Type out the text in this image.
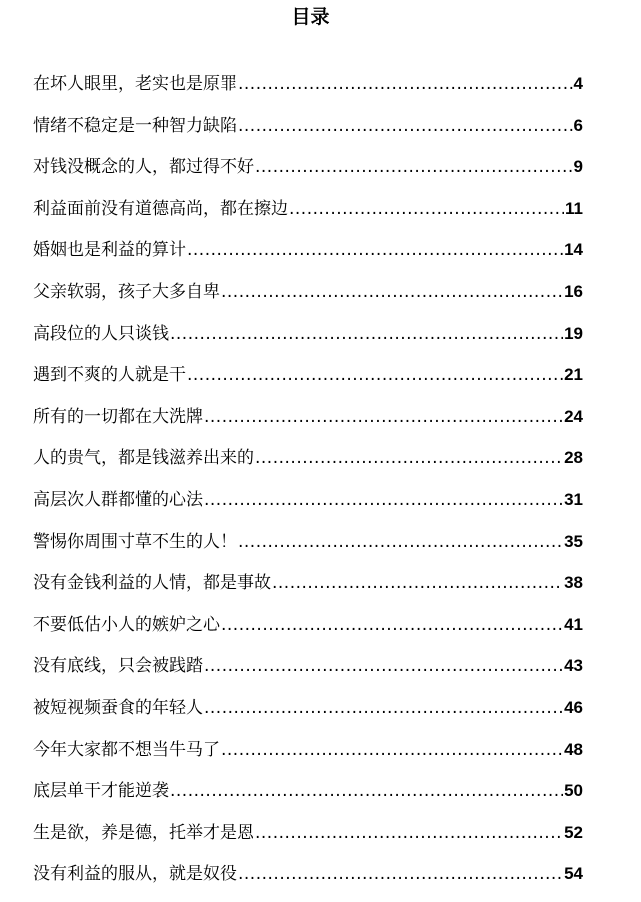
目录
在坏人眼里，老实也是原罪 .....	4
情绪不稳定是一种智力缺陷 .....	6
对钱没概念的人，都过得不好 .....	9
利益面前没有道德高尚，都在擦边 .....	11
婚姻也是利益的算计 .....	14
父亲软弱，孩子大多自卑 .....	16
高段位的人只谈钱 .....	19
遇到不爽的人就是干 .....	21
所有的一切都在大洗牌 .....	24
人的贵气，都是钱滋养出来的 .....	28
高层次人群都懂的心法 .....	31
警惕你周围寸草不生的人！ .....	35
没有金钱利益的人情，都是事故 .....	38
不要低估小人的嫉妒之心 .....	41
没有底线，只会被践踏 .....	43
被短视频蚕食的年轻人 .....	46
今年大家都不想当牛马了 .....	48
底层单干才能逆袭 .....	50
生是欲，养是德，托举才是恩 .....	52
没有利益的服从，就是奴役 .....	54
